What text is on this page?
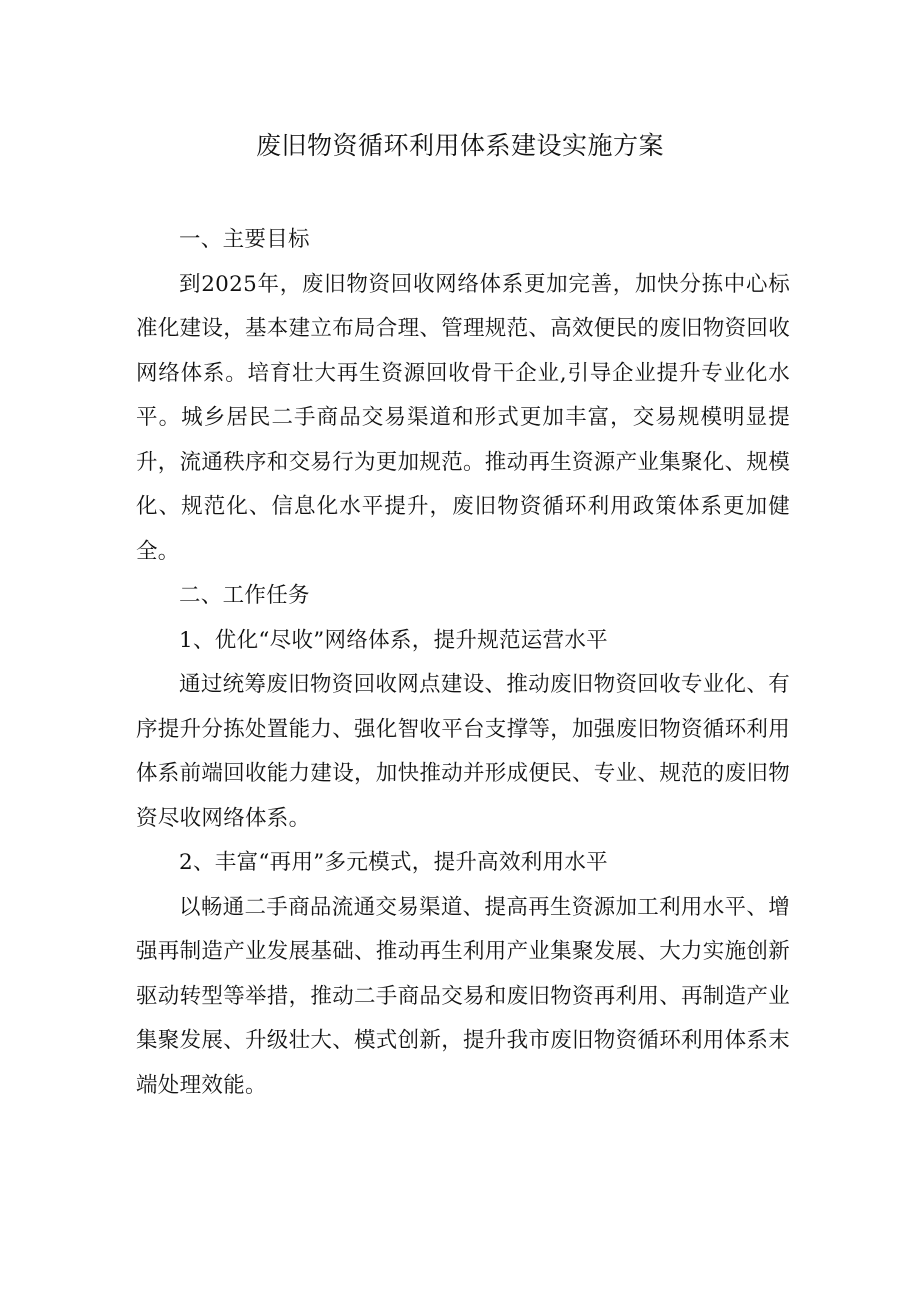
废旧物资循环利用体系建设实施方案

一、主要目标

到2025年，废旧物资回收网络体系更加完善，加快分拣中心标准化建设，基本建立布局合理、管理规范、高效便民的废旧物资回收网络体系。培育壮大再生资源回收骨干企业,引导企业提升专业化水平。城乡居民二手商品交易渠道和形式更加丰富，交易规模明显提升，流通秩序和交易行为更加规范。推动再生资源产业集聚化、规模化、规范化、信息化水平提升，废旧物资循环利用政策体系更加健全。

二、工作任务

1、优化“尽收”网络体系，提升规范运营水平

通过统筹废旧物资回收网点建设、推动废旧物资回收专业化、有序提升分拣处置能力、强化智收平台支撑等，加强废旧物资循环利用体系前端回收能力建设，加快推动并形成便民、专业、规范的废旧物资尽收网络体系。

2、丰富“再用”多元模式，提升高效利用水平

以畅通二手商品流通交易渠道、提高再生资源加工利用水平、增强再制造产业发展基础、推动再生利用产业集聚发展、大力实施创新驱动转型等举措，推动二手商品交易和废旧物资再利用、再制造产业集聚发展、升级壮大、模式创新，提升我市废旧物资循环利用体系末端处理效能。
